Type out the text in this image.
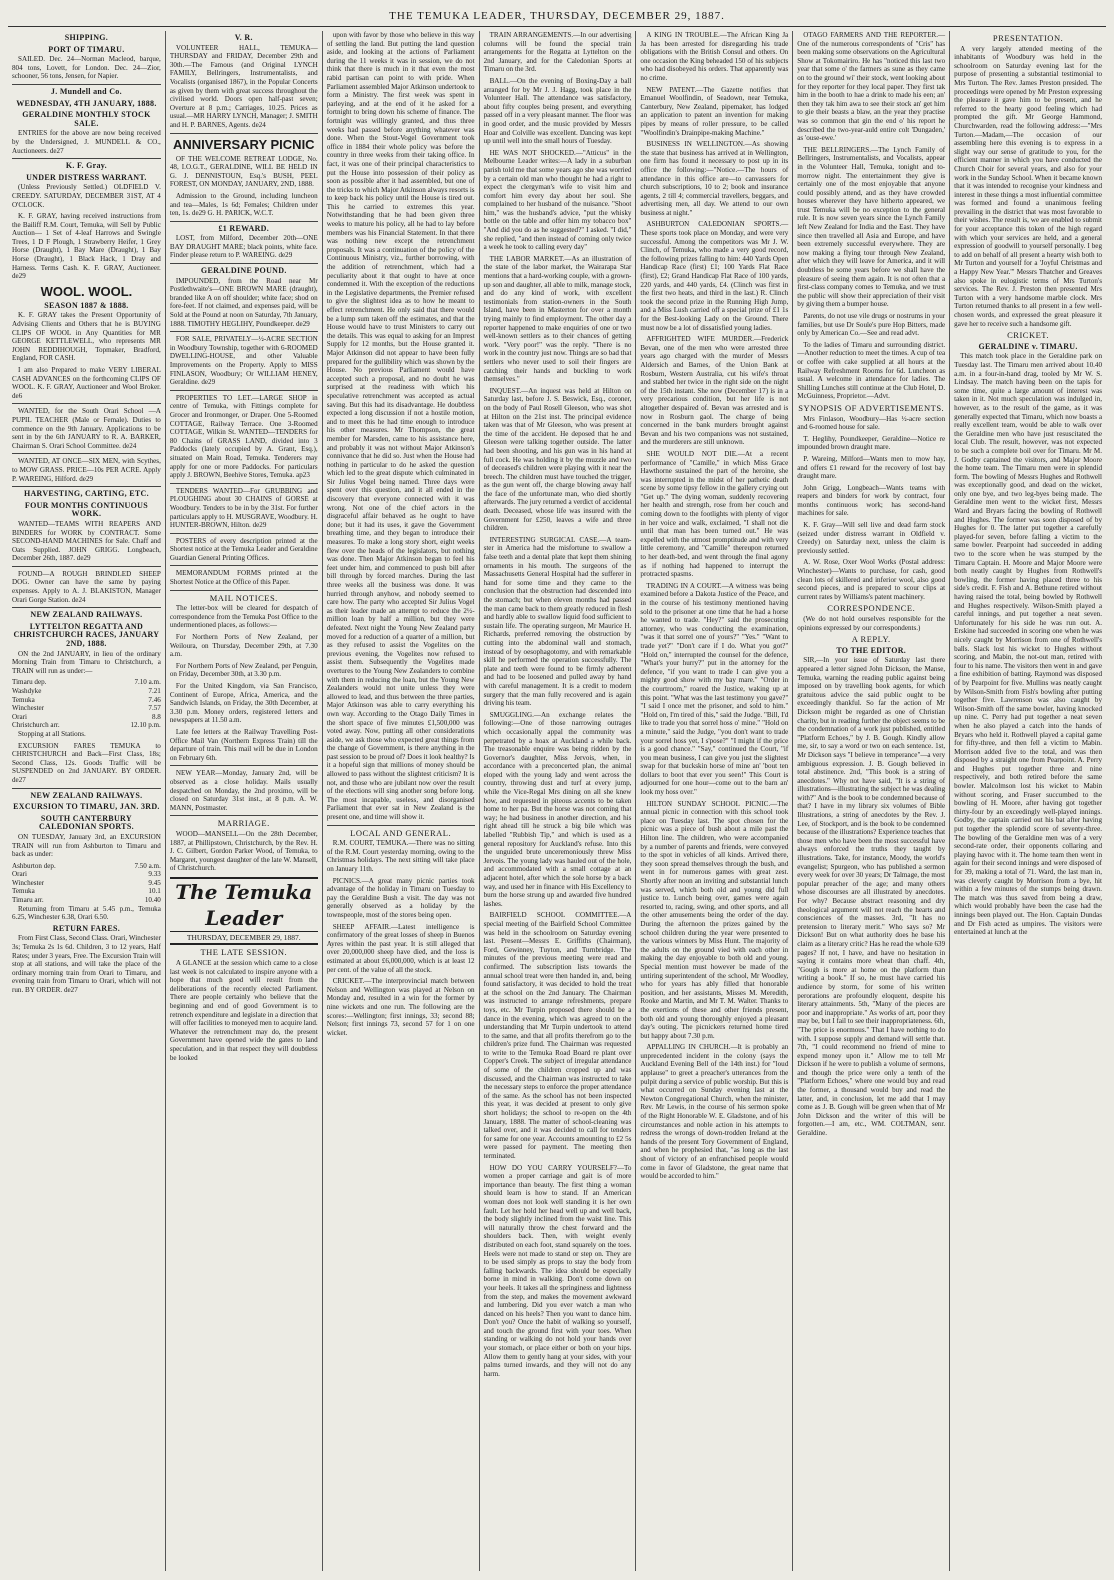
THE TEMUKA LEADER, THURSDAY, DECEMBER 29, 1887.
SHIPPING.
PORT OF TIMARU.

SAILED. Dec. 24—Norman Macleod, barque, 804 tons, Lovett, for London. Dec. 24—Zior, schooner, 56 tons, Jensen, for Napier.

J. Mundell and Co.
WEDNESDAY, 4TH JANUARY, 1888.
GERALDINE MONTHLY STOCK SALE.

ENTRIES for the above are now being received by the Undersigned, J. MUNDELL & CO., Auctioneers. de27

K. F. Gray.
UNDER DISTRESS WARRANT.

(Unless Previously Settled.) OLDFIELD V. CREEDY. SATURDAY, DECEMBER 31ST, AT 4 O'CLOCK.

K. F. GRAY, having received instructions from the Bailiff R.M. Court, Temuka, will Sell by Public Auction— 1 Set of 4-leaf Harrows and Swingle Trees, 1 D F Plough, 1 Strawberry Heifer, 1 Grey Horse (Draught), 1 Bay Mare (Draught), 1 Bay Horse (Draught), 1 Black Hack, 1 Dray and Harness. Terms Cash. K. F. GRAY, Auctioneer. de29

WOOL. WOOL.
SEASON 1887 & 1888.

K. F. GRAY takes the Present Opportunity of Advising Clients and Others that he is BUYING CLIPS OF WOOL in Any Quantities for MR GEORGE KETTLEWELL, who represents MR JOHN REDDIHOUGH, Topmaker, Bradford, England, FOR CASH.

I am also Prepared to make VERY LIBERAL CASH ADVANCES on the forthcoming CLIPS OF WOOL. K. F. GRAY, Auctioneer and Wool Broker. de6

WANTED, for the South Orari School —A PUPIL TEACHER (Male or Female). Duties to commence on the 9th January. Applications to be sent in by the 6th JANUARY to R. A. BARKER, Chairman S. Orari School Committee. de24

WANTED, AT ONCE—SIX MEN, with Scythes, to MOW GRASS. PRICE—10s PER ACRE. Apply P. WAREING, Hilford. de29

HARVESTING, CARTING, ETC.
FOUR MONTHS CONTINUOUS WORK.

WANTED—TEAMS WITH REAPERS AND BINDERS for WORK by CONTRACT. Some SECOND-HAND MACHINES for Sale. Chaff and Oats Supplied. JOHN GRIGG. Longbeach, December 26th, 1887. de29

FOUND—A ROUGH BRINDLED SHEEP DOG. Owner can have the same by paying expenses. Apply to A. J. BLAKISTON, Manager Orari Gorge Station. de24

NEW ZEALAND RAILWAYS.
LYTTELTON REGATTA AND CHRISTCHURCH RACES, JANUARY 2ND, 1888.

ON the 2nd JANUARY, in lieu of the ordinary Morning Train from Timaru to Christchurch, a TRAIN will run as under:—

Timaru dep.	7.10 a.m.
Washdyke	7.21
Temuka	7.46
Winchester	7.57
Orari	8.8
Christchurch arr.	12.10 p.m.

Stopping at all Stations.

EXCURSION FARES TEMUKA to CHRISTCHURCH and Back—First Class, 18s; Second Class, 12s. Goods Traffic will be SUSPENDED on 2nd JANUARY. BY ORDER. de27

NEW ZEALAND RAILWAYS.
EXCURSION TO TIMARU, JAN. 3RD.
SOUTH CANTERBURY CALEDONIAN SPORTS.

ON TUESDAY, January 3rd, an EXCURSION TRAIN will run from Ashburton to Timaru and back as under:

Ashburton dep.	7.50 a.m.
Orari	9.33
Winchester	9.45
Temuka	10.1
Timaru arr.	10.40

Returning from Timaru at 5.45 p.m., Temuka 6.25, Winchester 6.38, Orari 6.50.

RETURN FARES.

From First Class, Second Class. Orari, Winchester 3s; Temuka 2s 1s 6d. Children, 3 to 12 years, Half Rates; under 3 years, Free. The Excursion Train will stop at all stations, and will take the place of the ordinary morning train from Orari to Timaru, and evening train from Timaru to Orari, which will not run. BY ORDER. de27

V. R.

VOLUNTEER HALL, TEMUKA—THURSDAY and FRIDAY, December 29th and 30th.—The Famous (and Original LYNCH FAMILY, Bellringers, Instrumentalists, and Vocalists (organised 1867), in the Popular Concerts as given by them with great success throughout the civilised world. Doors open half-past seven; Overture at 8 p.m.; Carriages, 10.25. Prices as usual.—MR HARRY LYNCH, Manager; J. SMITH and H. P. BARNES, Agents. de24

ANNIVERSARY PICNIC

OF THE WELCOME RETREAT LODGE, No. 48, I.O.G.T., GERALDINE, WILL BE HELD IN G. J. DENNISTOUN, Esq.'s BUSH, PEEL FOREST, ON MONDAY, JANUARY, 2ND, 1888.

Admission to the Ground, including luncheon and tea—Males, 1s 6d; Females; Children under ten, 1s. de29 G. H. PARICK, W.C.T.

£1 REWARD.

LOST, from Milford, December 20th—ONE BAY DRAUGHT MARE; black points, white face. Finder please return to P. WAREING. de29

GERALDINE POUND.

IMPOUNDED, from the Road near Mr Postlethwaite's—ONE BROWN MARE (draught), branded like A on off shoulder; white face; shod on fore-feet. If not claimed, and expenses paid, will be Sold at the Pound at noon on Saturday, 7th January, 1888. TIMOTHY HEGLIHY, Poundkeeper. de29

FOR SALE, PRIVATELY—½-ACRE SECTION in Woodbury Township, together with 6-ROOMED DWELLING-HOUSE, and other Valuable Improvements on the Property. Apply to MISS FINLASON, Woodbury; Or WILLIAM HENEY, Geraldine. de29

PROPERTIES TO LET.—LARGE SHOP in centre of Temuka, with Fittings complete for Grocer and Ironmonger, or Draper. One 5-Roomed COTTAGE, Railway Terrace. One 3-Roomed COTTAGE, Wilkin St. WANTED—TENDERS for 80 Chains of GRASS LAND, divided into 3 Paddocks (lately occupied by A. Grant, Esq.), situated on Main Road, Temuka. Tenderers may apply for one or more Paddocks. For particulars apply J. BROWN, Beehive Stores, Temuka. ap23

TENDERS WANTED—For GRUBBING and PLOUGHING about 30 CHAINS of GORSE at Woodbury. Tenders to be in by the 31st. For further particulars apply to H. MUSGRAVE, Woodbury. H. HUNTER-BROWN, Hilton. de29

POSTERS of every description printed at the Shortest notice at the Temuka Leader and Geraldine Guardian General Printing Offices.

MEMORANDUM FORMS printed at the Shortest Notice at the Office of this Paper.

MAIL NOTICES.

The letter-box will be cleared for despatch of correspondence from the Temuka Post Office to the undermentioned places, as follows:—

For Northern Ports of New Zealand, per Weiloura, on Thursday, December 29th, at 7.30 a.m.

For Northern Ports of New Zealand, per Penguin, on Friday, December 30th, at 3.30 p.m.

For the United Kingdom, via San Francisco, Continent of Europe, Africa, America, and the Sandwich Islands, on Friday, the 30th December, at 3.30 p.m. Money orders, registered letters and newspapers at 11.50 a.m.

Late fee letters at the Railway Travelling Post-Office Mail Van (Northern Express Train) till the departure of train. This mail will be due in London on February 6th.

NEW YEAR—Monday, January 2nd, will be observed as a close holiday. Mails usually despatched on Monday, the 2nd proximo, will be closed on Saturday 31st inst., at 8 p.m. A. W. MANN, Postmaster.

MARRIAGE.

WOOD—MANSELL—On the 28th December, 1887, at Phillipstown, Christchurch, by the Rev. H. J. C. Gilbert, Gordon Parker Wood, of Temuka, to Margaret, youngest daughter of the late W. Mansell, of Christchurch.

The Temuka Leader
THURSDAY, DECEMBER 29, 1887.
THE LATE SESSION.

A GLANCE at the session which came to a close last week is not calculated to inspire anyone with a hope that much good will result from the deliberations of the recently elected Parliament. There are people certainly who believe that the beginning and end of good Government is to retrench expenditure and legislate in a direction that will offer facilities to moneyed men to acquire land. Whatever the retrenchment may do, the present Government have opened wide the gates to land speculation, and in that respect they will doubtless be looked

upon with favor by those who believe in this way of settling the land. But putting the land question aside, and looking at the actions of Parliament during the 11 weeks it was in session, we do not think that there is much in it that even the most rabid partisan can point to with pride. When Parliament assembled Major Atkinson undertook to form a Ministry. The first week was spent in parleying, and at the end of it he asked for a fortnight to bring down his scheme of finance. The fortnight was willingly granted, and thus three weeks had passed before anything whatever was done. When the Stout-Vogel Government took office in 1884 their whole policy was before the country in three weeks from their taking office. In fact, it was one of their principal characteristics to put the House into possession of their policy as soon as possible after it had assembled, but one of the tricks to which Major Atkinson always resorts is to keep back his policy until the House is tired out. This he carried to extremes this year. Notwithstanding that he had been given three weeks to mature his policy, all he had to lay before members was his Financial Statement. In that there was nothing new except the retrenchment proposals. It was a continuation of the policy of the Continuous Ministry, viz., further borrowing, with the addition of retrenchment, which had a peculiarity about it that ought to have at once condemned it. With the exception of the reductions in the Legislative departments, the Premier refused to give the slightest idea as to how he meant to effect retrenchment. He only said that there would be a lump sum taken off the estimates, and that the House would have to trust Ministers to carry out the details. This was equal to asking for an Imprest Supply for 12 months, but the House granted it. Major Atkinson did not appear to have been fully prepared for the gullibility which was shown by the House. No previous Parliament would have accepted such a proposal, and no doubt he was surprised at the readiness with which his speculative retrenchment was accepted as actual saving. But this had its disadvantage. He doubtless expected a long discussion if not a hostile motion, and to meet this he had time enough to introduce his other measures. Mr Thompson, the great member for Marsden, came to his assistance here, and probably it was not without Major Atkinson's connivance that he did so. Just when the House had nothing in particular to do he asked the question which led to the great dispute which culminated in Sir Julius Vogel being named. Three days were spent over this question, and it all ended in the discovery that everyone connected with it was wrong. Not one of the chief actors in the disgraceful affair behaved as he ought to have done; but it had its uses, it gave the Government breathing time, and they began to introduce their measures. To make a long story short, eight weeks flew over the heads of the legislators, but nothing was done. Then Major Atkinson began to feel his feet under him, and commenced to push bill after bill through by forced marches. During the last three weeks all the business was done. It was hurried through anyhow, and nobody seemed to care how. The party who accepted Sir Julius Vogel as their leader made an attempt to reduce the 2½-million loan by half a million, but they were defeated. Next night the Young New Zealand party moved for a reduction of a quarter of a million, but as they refused to assist the Vogelites on the previous evening, the Vogelites now refused to assist them. Subsequently the Vogelites made overtures to the Young New Zealanders to combine with them in reducing the loan, but the Young New Zealanders would not unite unless they were allowed to lead, and thus between the three parties, Major Atkinson was able to carry everything his own way. According to the Otago Daily Times in the short space of five minutes £1,500,000 was voted away. Now, putting all other considerations aside, we ask those who expected great things from the change of Government, is there anything in the past session to be proud of? Does it look healthy? Is it a hopeful sign that millions of money should be allowed to pass without the slightest criticism? It is not, and those who are jubilant now over the result of the elections will sing another song before long. The most incapable, useless, and disorganised Parliament that ever sat in New Zealand is the present one, and time will show it.

LOCAL AND GENERAL.

R.M. COURT, TEMUKA.—There was no sitting of the R.M. Court yesterday morning, owing to the Christmas holidays. The next sitting will take place on January 11th.

PICNICS.—A great many picnic parties took advantage of the holiday in Timaru on Tuesday to pay the Geraldine Bush a visit. The day was not generally observed as a holiday by the townspeople, most of the stores being open.

SHEEP AFFAIR.—Latest intelligence is confirmatory of the great losses of sheep in Buenos Ayres within the past year. It is still alleged that over 20,000,000 sheep have died, and the loss is estimated at about £6,000,000, which is at least 12 per cent. of the value of all the stock.

CRICKET.—The interprovincial match between Nelson and Wellington was played at Nelson on Monday and, resulted in a win for the former by nine wickets and one run. The following are the scores:—Wellington; first innings, 33; second 88; Nelson; first innings 73, second 57 for 1 on one wicket.

TRAIN ARRANGEMENTS.—In our advertising columns will be found the special train arrangements for the Regatta at Lyttelton on the 2nd January, and for the Caledonian Sports at Timaru on the 3rd.

BALL.—On the evening of Boxing-Day a ball arranged for by Mr J. J. Hagg, took place in the Volunteer Hall. The attendance was satisfactory, about fifty couples being present, and everything passed off in a very pleasant manner. The floor was in good order, and the music provided by Messrs Hoar and Colville was excellent. Dancing was kept up until well into the small hours of Tuesday.

HE WAS NOT SHOCKED.—"Atticus" in the Melbourne Leader writes:—A lady in a suburban parish told me that some years ago she was worried by a certain old man who thought he had a right to expect the clergyman's wife to visit him and comfort him every day about her soul. She complained to her husband of the nuisance. "Shoot him," was the husband's advice, "put the whisky bottle on the table and offer him my tobacco box" "And did you do as he suggested?" I asked. "I did," she replied, "and then instead of coming only twice a week he took to calling every day"

THE LABOR MARKET.—As an illustration of the state of the labor market, the Wairarapa Star mentions that a hard-working couple, with a grown-up son and daughter, all able to milk, manage stock, and do any kind of work, with excellent testimonials from station-owners in the South Island, have been in Masterton for over a month trying mainly to find employment. The other day a reporter happened to make enquiries of one or two well-known settlers as to their chances of getting work. "Very poor!" was the reply. "There is no work in the country just now. Things are so bad that settlers who never used to soil their fingers are catching their hands and buckling to work themselves."

INQUEST.—An inquest was held at Hilton on Saturday last, before J. S. Beswick, Esq., coroner, on the body of Paul Rosell Gleeson, who was shot at Hilton on the 21st inst. The principal evidence taken was that of Mr Gleeson, who was present at the time of the accident. He deposed that he and Gleeson were talking together outside. The latter had been shooting, and his gun was in his hand at full cock. He was holding it by the muzzle and two of deceased's children were playing with it near the breech. The children must have touched the trigger, as the gun went off, the charge blowing away half the face of the unfortunate man, who died shortly afterwards. The jury returned a verdict of accidental death. Deceased, whose life was insured with the Government for £250, leaves a wife and three children.

INTERESTING SURGICAL CASE.—A team-ster in America had the misfortune to swallow a false teeth and a dental plate that kept them shining ornaments in his mouth. The surgeons of the Massachusetts General Hospital had the sufferer in hand for some time and they came to the conclusion that the obstruction had descended into the stomach; but when eleven months had passed the man came back to them greatly reduced in flesh and hardly able to swallow liquid food sufficient to sustain life. The operating surgeon, Mr Maurice H. Richards, preferred removing the obstruction by cutting into the abdominal wall and stomach, instead of by oesophagotomy, and with remarkable skill he performed the operation successfully. The plate and teeth were found to be firmly adherent and had to be loosened and pulled away by hand with careful management. It is a credit to modern surgery that the man fully recovered and is again driving his team.

SMUGGLING.—An exchange relates the following:—One of those narrowing outrages which occasionally appal the community was perpetrated by a hoax at Auckland a while back. The treasonable enquire was being ridden by the Governor's daughter, Miss Jervois, when, in accordance with a preconcerted plan, the animal eloped with the young lady and went across the country, throwing dust and turf at every jump, while the Vice-Regal Mrs dining on all she knew how, and requested in piteous accents to be taken home to her pa. But the horse was not coming that way; he had business in another direction, and his right ahead till he struck a big bile which was labelled "Rubbish Tip," and which is used as a general repository for Auckland's refuse. Into this the unguided brute unceremoniously threw Miss Jervois. The young lady was hauled out of the hole, and accommodated with a small cottage at an adjacent hotel, after which the sole horse by a back way, and used her in finance with His Excellency to burn the horse strung up and awarded five hundred lashes.

BAIRFIELD SCHOOL COMMITTEE.—A special meeting of the Bairfield School Committee was held in the schoolroom on Saturday evening last. Present—Messrs E. Griffiths (Chairman), Ford, Gewinney, Tuyton, and Turnbridge. The minutes of the previous meeting were read and confirmed. The subscription lists towards the annual school treat were then handed in, and, being found satisfactory, it was decided to hold the treat at the school on the 2nd January. The Chairman was instructed to arrange refreshments, prepare toys, etc. Mr Turpin proposed there should be a dance in the evening, which was agreed to on the understanding that Mr Turpin undertook to attend to the same, and that all profits therefrom go to the children's prize fund. The Chairman was requested to write to the Temuka Road Board re plant over Copper's Creek. The subject of irregular attendance of some of the children cropped up and was discussed, and the Chairman was instructed to take the necessary steps to enforce the proper attendance of the same. As the school has not been inspected this year, it was decided at present to only give short holidays; the school to re-open on the 4th January, 1888. The matter of school-cleaning was talked over, and it was decided to call for tenders for same for one year. Accounts amounting to £2 5s were passed for payment. The meeting then terminated.

HOW DO YOU CARRY YOURSELF?—To women a proper carriage and gait is of more importance than beauty. The first thing a woman should learn is how to stand. If an American woman does not look well standing it is her own fault. Let her hold her head well up and well back, the body slightly inclined from the waist line. This will naturally throw the chest forward and the shoulders back. Then, with weight evenly distributed on each foot, stand squarely on the toes. Heels were not made to stand or step on. They are to be used simply as props to stay the body from falling backwards. The idea should be especially borne in mind in walking. Don't come down on your heels. It takes all the springiness and lightness from the step, and makes the movement awkward and lumbering. Did you ever watch a man who danced on his heels? Then you want to dance him. Don't you? Once the habit of walking so yourself, and touch the ground first with your toes. When standing or walking do not hold your hands over your stomach, or place either or both on your hips. Allow them to gently hang at your sides, with your palms turned inwards, and they will not do any harm.

A KING IN TROUBLE.—The African King Ja Ja has been arrested for disregarding his trade obligations with the British Consul and others. On one occasion the King beheaded 150 of his subjects who had disobeyed his orders. That apparently was no crime.

NEW PATENT.—The Gazette notifies that Emanuel Woolfindin, of Seadown, near Temuka, Canterbury, New Zealand, pipemaker, has lodged an application to patent an invention for making pipes by means of roller pressure, to be called "Woolfindin's Drainpipe-making Machine."

BUSINESS IN WELLINGTON.—As showing the state that business has arrived at in Wellington, one firm has found it necessary to post up in its office the following:—"Notice.—The hours of attendance in this office are—to canvassers for church subscriptions, 10 to 2; book and insurance agents, 2 till 4; commercial travellers, beggars, and advertising men, all day. We attend to our own business at night."

ASHBURTON CALEDONIAN SPORTS.—These sports took place on Monday, and were very successful. Among the competitors was Mr J. W. Clinch, of Temuka, who made a very good record, the following prizes falling to him: 440 Yards Open Handicap Race (first) £1; 100 Yards Flat Race (first), £2; Grand Handicap Flat Race of 100 yards, 220 yards, and 440 yards, £4. (Clinch was first in the first two heats, and third in the last.) R. Clinch took the second prize in the Running High Jump, and a Miss Lush carried off a special prize of £1 1s for the Best-looking Lady on the Ground. There must now be a lot of dissatisfied young ladies.

AFFRIGHTED WIFE MURDER.—Frederick Bevan, one of the men who were arrested three years ago charged with the murder of Messrs Aldersich and Barnes, of the Union Bank at Rosburn, Western Australia, cut his wife's throat and stabbed her twice in the right side on the night of the 15th instant. She now (December 17) is in a very precarious condition, but her life is not altogether despaired of. Bevan was arrested and is now in Rosburn gaol. The charge of being concerned in the bank murders brought against Bevan and his two companions was not sustained, and the murderers are still unknown.

SHE WOULD NOT DIE.—At a recent performance of "Camille," in which Miss Grace Hawthorne sustained the part of the heroine, she was interrupted in the midst of her pathetic death scene by some tipsy fellow in the gallery crying out "Get up." The dying woman, suddenly recovering her health and strength, rose from her couch and coming down to the footlights with plenty of vigor in her voice and walk, exclaimed, "I shall not die until that man has been turned out." He was expelled with the utmost promptitude and with very little ceremony, and "Camille" thereupon returned to her death-bed, and went through the final agony as if nothing had happened to interrupt the protracted spasms.

TRADING IN A COURT.—A witness was being examined before a Dakota Justice of the Peace, and in the course of his testimony mentioned having sold to the prisoner at one time that he had a horse he wanted to trade. "Hey?" said the prosecuting attorney, who was conducting the examination, "was it that sorrel one of yours?" "Yes." "Want to trade yet?" "Don't care if I do. What you got?" "Hold on," interrupted the counsel for the defence, "What's your hurry?" put in the attorney for the defence, "if you want to trade I can give you a mighty good show with my bay mare." "Order in the courtroom," roared the Justice, waking up at this point. "What was the last testimony you gave?" "I said I once met the prisoner, and sold to him." "Hold on, I'm tired of this," said the Judge. "Bill, I'd like to trade you that sorrel hoss o' mine." "Hold on a minute," said the Judge, "you don't want to trade your sorrel hoss yet, I s'pose?" "I might if the price is a good chance." "Say," continued the Court, "if you mean business, I can give you just the slightest swap for that buckskin horse of mine an' 'bout ten dollars to boot that ever you seen!" This Court is adjourned for one hour—come out to the barn an' look my hoss over."

HILTON SUNDAY SCHOOL PICNIC.—The annual picnic in connection with this school took place on Tuesday last. The spot chosen for the picnic was a piece of bush about a mile past the Hilton line. The children, who were accompanied by a number of parents and friends, were conveyed to the spot in vehicles of all kinds. Arrived there, they soon spread themselves through the bush, and went in for numerous games with great zest. Shortly after noon an inviting and substantial lunch was served, which both old and young did full justice to. Lunch being over, games were again resorted to, racing, swing, and other sports, and all the other amusements being the order of the day. During the afternoon the prizes gained by the school children during the year were presented to the various winners by Miss Hunt. The majority of the adults on the ground vied with each other in making the day enjoyable to both old and young. Special mention must however be made of the untiring superintendent of the school, Mr Woodley, who for years has ably filled that honorable position, and her assistants, Misses M. Meredith, Rooke and Martin, and Mr T. M. Walter. Thanks to the exertions of these and other friends present, both old and young thoroughly enjoyed a pleasant day's outing. The picnickers returned home tired but happy about 7.30 p.m.

APPALLING IN CHURCH.—It is probably an unprecedented incident in the colony (says the Auckland Evening Bell of the 14th inst.) for "loud applause" to greet a preacher's utterances from the pulpit during a service of public worship. But this is what occurred on Sunday evening last at the Newton Congregational Church, when the minister, Rev. Mr Lewis, in the course of his sermon spoke of the Right Honorable W. E. Gladstone, and of his circumstances and noble action in his attempts to redress the wrongs of down-trodden Ireland at the hands of the present Tory Government of England, and when he prophesied that, "as long as the last shout of victory of an enfranchised people would come in favor of Gladstone, the great name that would be accorded to him."

OTAGO FARMERS AND THE REPORTER.—One of the numerous correspondents of "Cris" has been making some observations on the Agricultural Show at Tokomairiro. He has "noticed this last two year that some o' the farmers as sune as they came on to the ground wi' their stock, went looking about for they reporter for they local paper. They first tak him in the booth to hae a drink to made his een; an' then they tak him awa to see their stock an' get him to gie their beasts a blaw, an the year they practise was so common that gin the end o' his report he described the two-year-auld entire colt 'Dungaden,' as 'ouse-ewe.'

THE BELLRINGERS.—The Lynch Family of Bellringers, Instrumentalists, and Vocalists, appear in the Volunteer Hall, Temuka, tonight and to-morrow night. The entertainment they give is certainly one of the most enjoyable that anyone could possibly attend, and as they have crowded houses wherever they have hitherto appeared, we trust Temuka will be no exception to the general rule. It is now seven years since the Lynch Family left New Zealand for India and the East. They have since then travelled all Asia and Europe, and have been extremely successful everywhere. They are now making a flying tour through New Zealand, after which they will leave for America, and it will doubtless be some years before we shall have the pleasure of seeing them again. It is not often that a first-class company comes to Temuka, and we trust the public will show their appreciation of their visit by giving them a bumper house.

Parents, do not use vile drugs or nostrums in your families, but use Dr Soule's pure Hop Bitters, made only by American Co.—See and read advt.

To the ladies of Timaru and surrounding district.—Another reduction to meet the times. A cup of tea or coffee with cake supplied at all hours at the Railway Refreshment Rooms for 6d. Luncheon as usual. A welcome in attendance for ladies. The Shilling Lunches still continue at the Club Hotel, D. McGuinness, Proprietor.—Advt.

SYNOPSIS OF ADVERTISEMENTS.

Mrs Finlason, Woodbury—Has ½-acre section and 6-roomed house for sale.

T. Heglihy, Poundkeeper, Geraldine—Notice re impounded brown draught mare.

P. Wareing, Milford—Wants men to mow hay, and offers £1 reward for the recovery of lost bay draught mare.

John Grigg, Longbeach—Wants teams with reapers and binders for work by contract, four months continuous work; has second-hand machines for sale.

K. F. Gray—Will sell live and dead farm stock (seized under distress warrant in Oldfield v. Creedy) on Saturday next, unless the claim is previously settled.

A. W. Rose, Oxer Wool Works (Postal address: Winchester)—Wants to purchase, for cash, good clean lots of skillered and inferior wool, also good second pieces, and is prepared to scour clips at current rates by Williams's patent machinery.

CORRESPONDENCE.

(We do not hold ourselves responsible for the opinions expressed by our correspondents.)

A REPLY.
TO THE EDITOR.

SIR,—In your issue of Saturday last there appeared a letter signed John Dickson, the Manse, Temuka, warning the reading public against being imposed on by travelling book agents, for which gratuitous advice the said public ought to be exceedingly thankful. So far the action of Mr Dickson might be regarded as one of Christian charity, but in reading further the object seems to be the condemnation of a work just published, entitled "Platform Echoes," by J. B. Gough. Kindly allow me, sir, to say a word or two on each sentence. 1st, Mr Dickson says "I believe in temperance"—a very ambiguous expression. J. B. Gough believed in total abstinence. 2nd, "This book is a string of anecdotes." Why not have said, "It is a string of illustrations—illustrating the subject he was dealing with?" And is the book to be condemned because of that? I have in my library six volumes of Bible Illustrations, a string of anecdotes by the Rev. J. Lee, of Stockport, and is the book to be condemned because of the illustrations? Experience teaches that those men who have been the most successful have always enforced the truths they taught by illustrations. Take, for instance, Moody, the world's evangelist; Spurgeon, who has published a sermon every week for over 30 years; Dr Talmage, the most popular preacher of the age; and many others whose discourses are all illustrated by anecdotes. For why? Because abstract reasoning and dry theological argument will not reach the hearts and consciences of the masses. 3rd, "It has no pretension to literary merit." Who says so? Mr Dickson! But on what authority does he base his claim as a literary critic? Has he read the whole 639 pages? If not, I have, and have no hesitation in saying it contains more wheat than chaff. 4th, "Gough is more at home on the platform than writing a book." If so, he must have carried his audience by storm, for some of his written perorations are profoundly eloquent, despite his literary attainments. 5th, "Many of the pieces are poor and inappropriate." As works of art, poor they may be, but I fail to see their inappropriateness. 6th, "The price is enormous." That I have nothing to do with. I suppose supply and demand will settle that. 7th, "I could recommend no friend of mine to expend money upon it." Allow me to tell Mr Dickson if he were to publish a volume of sermons, and though the price were only a tenth of the "Platform Echoes," where one would buy and read the former, a thousand would buy and read the latter, and, in conclusion, let me add that I may come as J. B. Gough will be green when that of Mr John Dickson and the writer of this will be forgotten.—I am, etc., WM. COLTMAN, senr. Geraldine.

PRESENTATION.

A very largely attended meeting of the inhabitants of Woodbury was held in the schoolroom on Saturday evening last for the purpose of presenting a substantial testimonial to Mrs Turton. The Rev. James Preston presided. The proceedings were opened by Mr Preston expressing the pleasure it gave him to be present, and he referred to the hearty good feeling which had prompted the gift. Mr George Hammond, Churchwarden, read the following address:—"Mrs Turton.—Madam,—The occasion of our assembling here this evening is to express in a slight way our sense of gratitude to you, for the efficient manner in which you have conducted the Church Choir for several years, and also for your work in the Sunday School. When it became known that it was intended to recognise your kindness and interest in these things a most influential committee was formed and found a unanimous feeling prevailing in the district that was most favorable to their wishes. The result is, we are enabled to submit for your acceptance this token of the high regard with which your services are held, and a general expression of goodwill to yourself personally. I beg to add on behalf of all present a hearty wish both to Mr Turton and yourself for a 'Joyful Christmas and a Happy New Year.'" Messrs Thatcher and Greaves also spoke in eulogistic terms of Mrs Turton's services. The Rev. J. Preston then presented Mrs Turton with a very handsome marble clock. Mrs Turton returned thanks to all present in a few well-chosen words, and expressed the great pleasure it gave her to receive such a handsome gift.

CRICKET.
GERALDINE v. TIMARU.

This match took place in the Geraldine park on Tuesday last. The Timaru men arrived about 10.40 a.m. in a four-in-hand drag, tooled by Mr W. S. Lindsay. The match having been on the tapis for some time, quite a large amount of interest was taken in it. Not much speculation was indulged in, however, as to the result of the game, as it was generally expected that Timaru, which now boasts a really excellent team, would be able to walk over the Geraldine men who have just resuscitated the local Club. The result, however, was not expected to be such a complete boil over for Timaru. Mr M. J. Godby captained the visitors, and Major Moore the home team. The Timaru men were in splendid form. The bowling of Messrs Hughes and Rothwell was exceptionally good, and dead on the wicket, only one bye, and two leg-byes being made. The Geraldine men went to the wicket first, Messrs Ward and Bryars facing the bowling of Rothwell and Hughes. The former was soon disposed of by Hughes for 0. The latter put together a carefully played-for seven, before falling a victim to the same bowler. Pearpoint had succeeded in adding two to the score when he was stumped by the Timaru Captain. H. Moore and Major Moore were both neatly caught by Hughes from Rothwell's bowling, the former having placed three to his side's credit. F. Fish and A. Bethune retired without having raised the total, being bowled by Rothwell and Hughes respectively. Wilson-Smith played a careful innings, and put together a neat seven. Unfortunately for his side he was run out. A. Erskine had succeeded in scoring one when he was nicely caught by Morrison from one of Rothwell's balls. Slack lost his wicket to Hughes without scoring, and Mabin, the not-out man, retired with four to his name. The visitors then went in and gave a fine exhibition of batting. Raymond was disposed of by Pearpoint for five. Mullins was neatly caught by Wilson-Smith from Fish's bowling after putting together five. Lawrenson was also caught by Wilson-Smith off the same bowler, having knocked up nine. C. Perry had put together a neat seven when he also played a catch into the hands of Bryars who held it. Rothwell played a capital game for fifty-three, and then fell a victim to Mabin. Morrison added five to the total, and was then disposed by a straight one from Pearpoint. A. Perry and Hughes put together three and nine respectively, and both retired before the same bowler. Malcolmson lost his wicket to Mabin without scoring, and Fraser succumbed to the bowling of H. Moore, after having got together thirty-four by an exceedingly well-played innings. Godby, the captain carried out his bat after having put together the splendid score of seventy-three. The bowling of the Geraldine men was of a very second-rate order, their opponents collaring and playing havoc with it. The home team then went in again for their second innings and were disposed of for 39, making a total of 71. Ward, the last man in, was cleverly caught by Morrison from a bye, hit within a few minutes of the stumps being drawn. The match was thus saved from being a draw, which would probably have been the case had the innings been played out. The Hon. Captain Dundas and Dr Fish acted as umpires. The visitors were entertained at lunch at the
